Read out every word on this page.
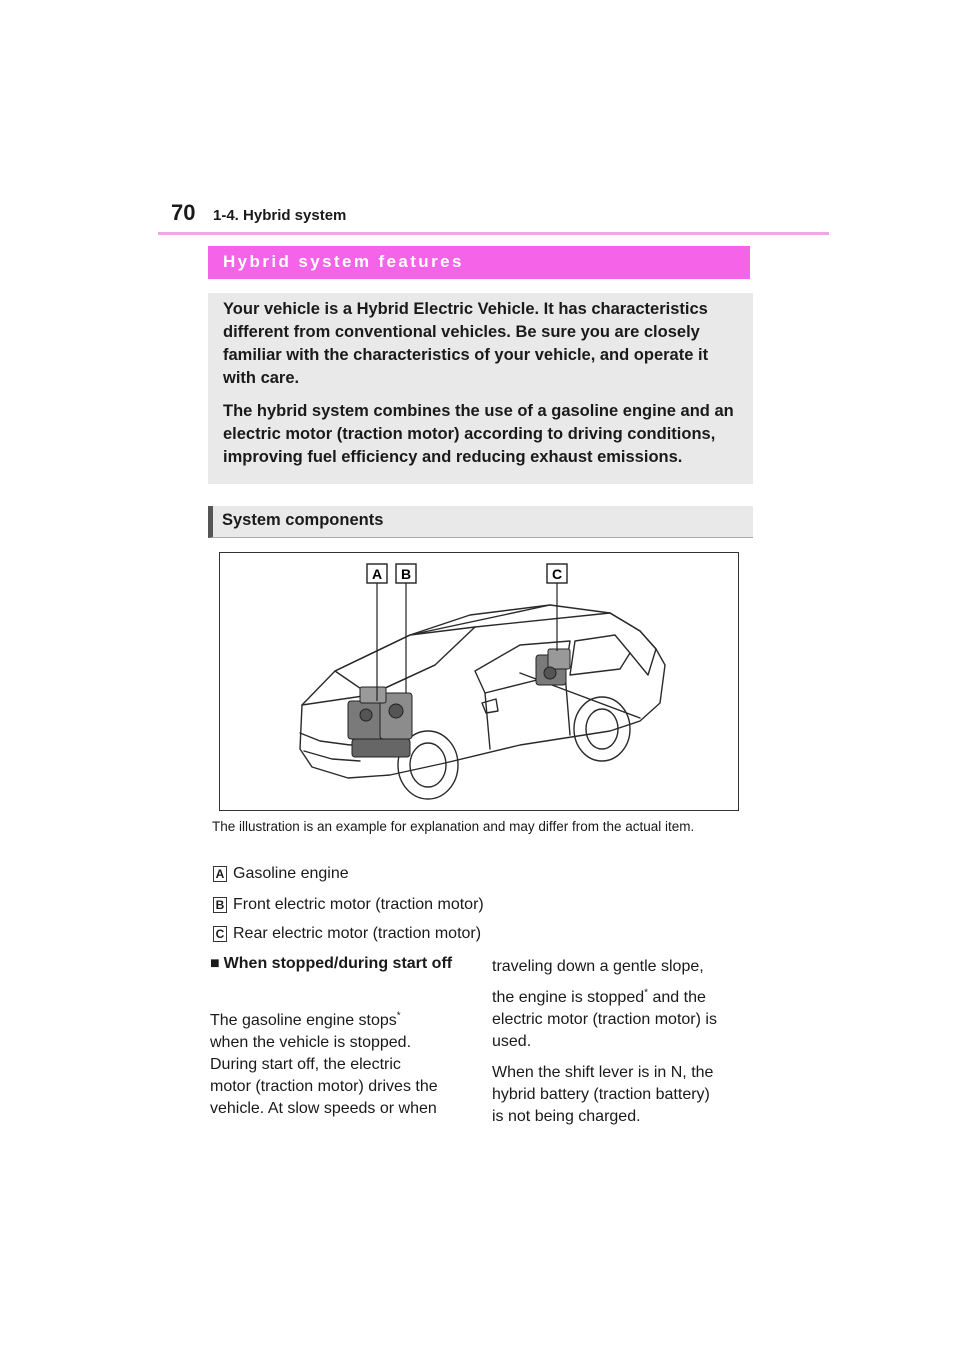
70 1-4. Hybrid system
Hybrid system features

Your vehicle is a Hybrid Electric Vehicle. It has characteristics different from conventional vehicles. Be sure you are closely familiar with the characteristics of your vehicle, and operate it with care.

The hybrid system combines the use of a gasoline engine and an electric motor (traction motor) according to driving conditions, improving fuel efficiency and reducing exhaust emissions.

System components
A B	C
The illustration is an example for explanation and may differ from the actual item.
A Gasoline engine
B Front electric motor (traction motor)
C Rear electric motor (traction motor)
■ When stopped/during start off
The gasoline engine stops*
when the vehicle is stopped.
During start off, the electric
motor (traction motor) drives the
vehicle. At slow speeds or when
traveling down a gentle slope,
the engine is stopped* and the
electric motor (traction motor) is
used.
When the shift lever is in N, the
hybrid battery (traction battery)
is not being charged.
